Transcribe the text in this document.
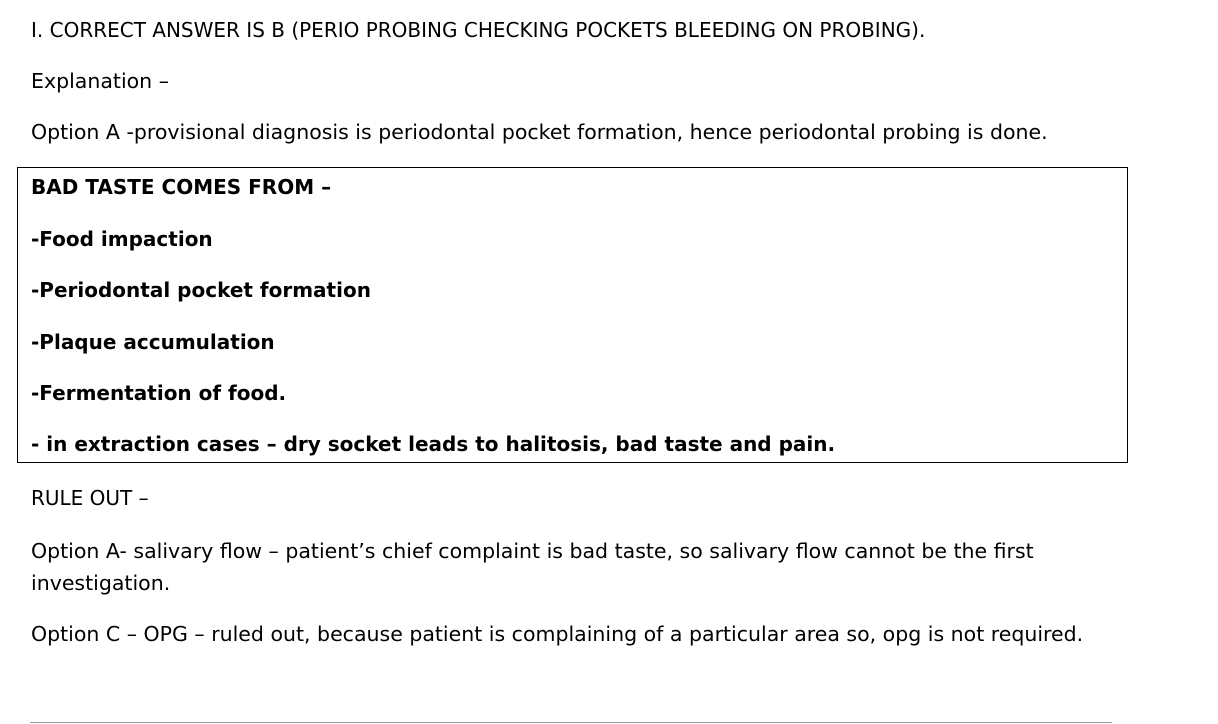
I. CORRECT ANSWER IS B (PERIO PROBING CHECKING POCKETS BLEEDING ON PROBING).

Explanation –

Option A -provisional diagnosis is periodontal pocket formation, hence periodontal probing is done.

BAD TASTE COMES FROM –

-Food impaction

-Periodontal pocket formation

-Plaque accumulation

-Fermentation of food.

- in extraction cases – dry socket leads to halitosis, bad taste and pain.

RULE OUT –

Option A- salivary flow – patient’s chief complaint is bad taste, so salivary flow cannot be the first investigation.

Option C – OPG – ruled out, because patient is complaining of a particular area so, opg is not required.
